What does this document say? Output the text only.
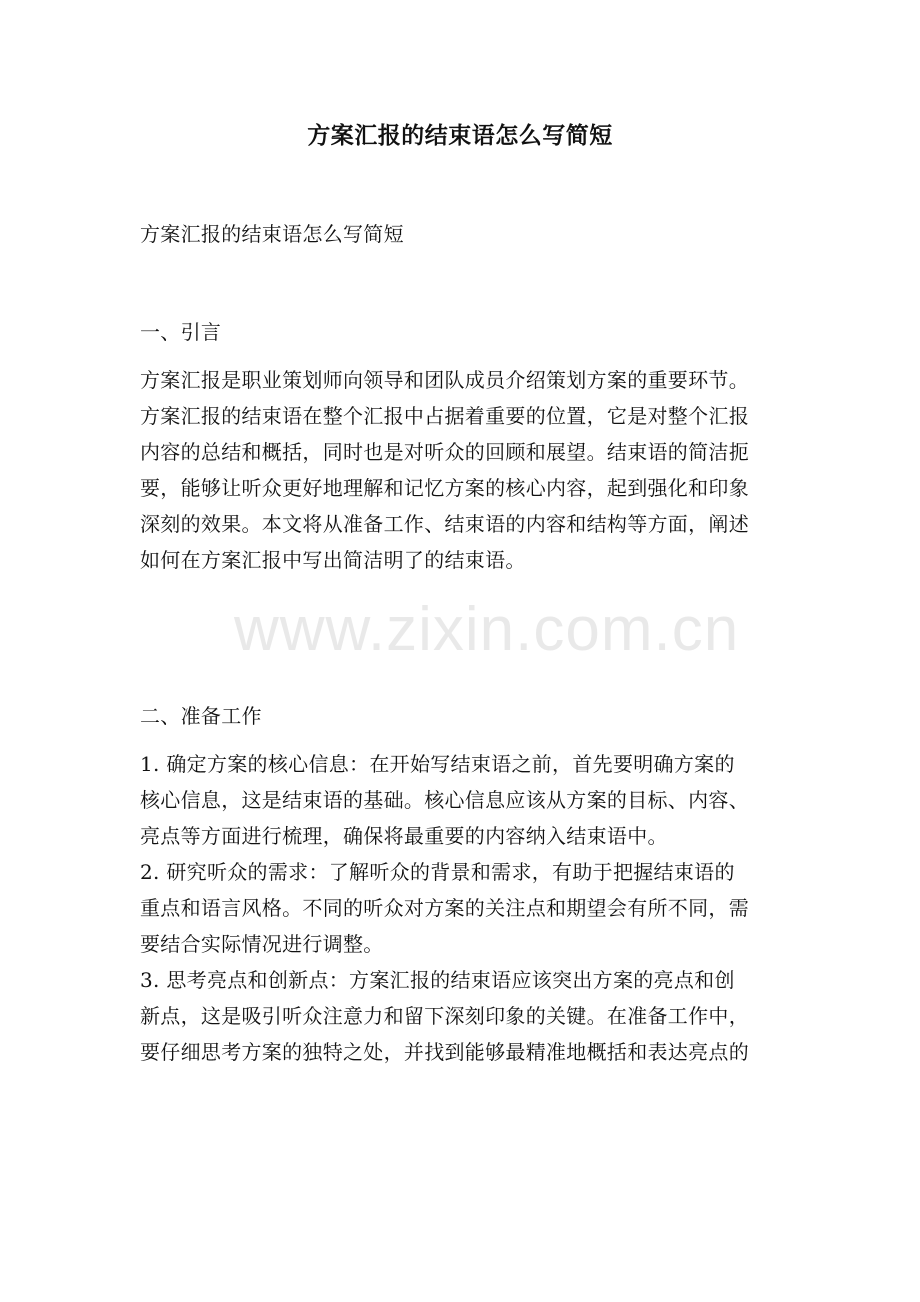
方案汇报的结束语怎么写简短
方案汇报的结束语怎么写简短
一、引言
方案汇报是职业策划师向领导和团队成员介绍策划方案的重要环节。
方案汇报的结束语在整个汇报中占据着重要的位置，它是对整个汇报
内容的总结和概括，同时也是对听众的回顾和展望。结束语的简洁扼
要，能够让听众更好地理解和记忆方案的核心内容，起到强化和印象
深刻的效果。本文将从准备工作、结束语的内容和结构等方面，阐述
如何在方案汇报中写出简洁明了的结束语。
二、准备工作
1. 确定方案的核心信息：在开始写结束语之前，首先要明确方案的
核心信息，这是结束语的基础。核心信息应该从方案的目标、内容、
亮点等方面进行梳理，确保将最重要的内容纳入结束语中。
2. 研究听众的需求：了解听众的背景和需求，有助于把握结束语的
重点和语言风格。不同的听众对方案的关注点和期望会有所不同，需
要结合实际情况进行调整。
3. 思考亮点和创新点：方案汇报的结束语应该突出方案的亮点和创
新点，这是吸引听众注意力和留下深刻印象的关键。在准备工作中，
要仔细思考方案的独特之处，并找到能够最精准地概括和表达亮点的
www.zixin.com.cn
